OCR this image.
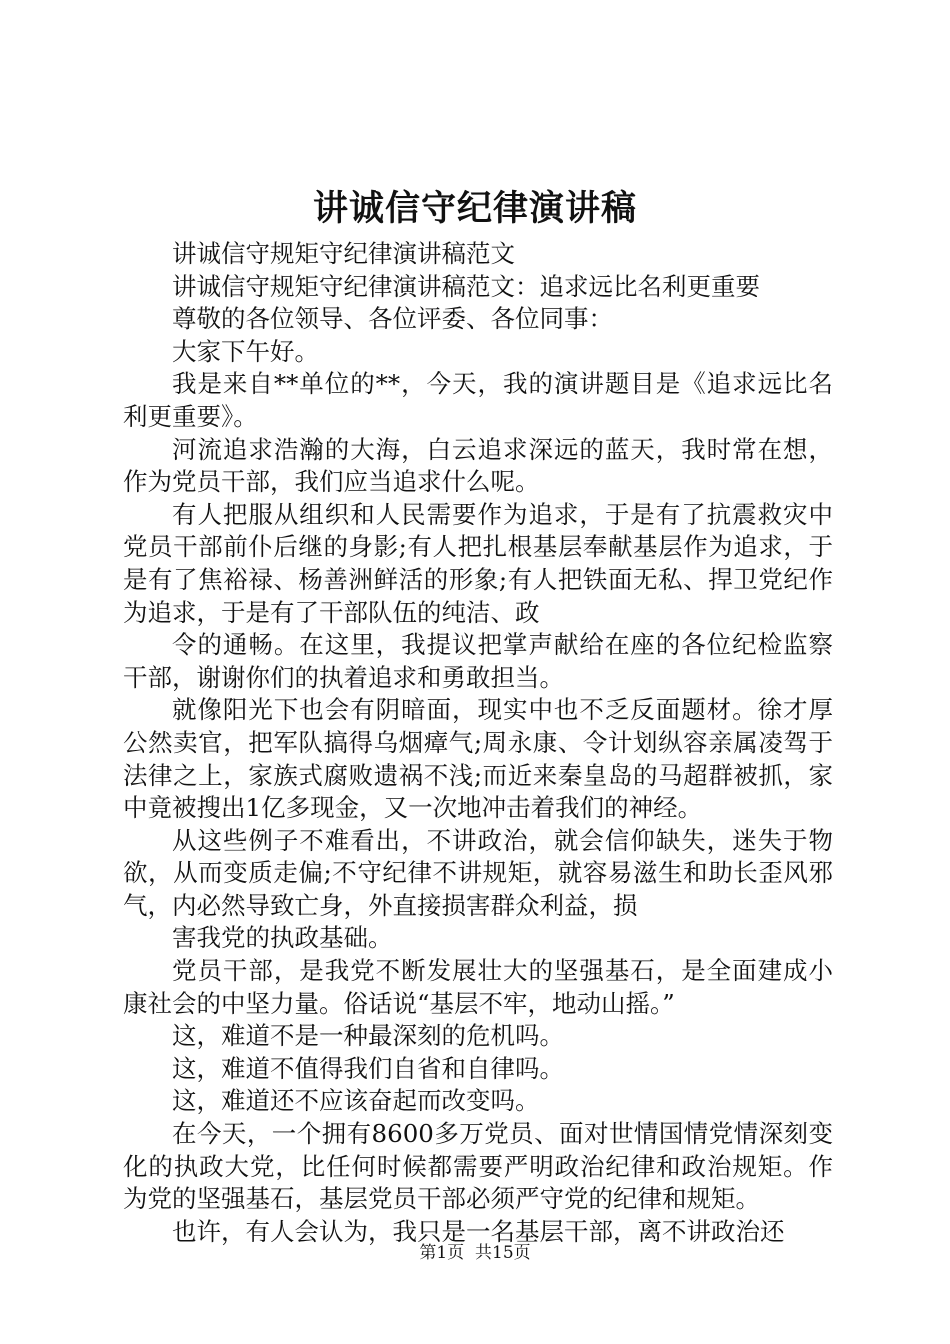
讲诚信守纪律演讲稿

讲诚信守规矩守纪律演讲稿范文

讲诚信守规矩守纪律演讲稿范文：追求远比名利更重要

尊敬的各位领导、各位评委、各位同事：

大家下午好。

我是来自**单位的**，今天，我的演讲题目是《追求远比名利更重要》。

河流追求浩瀚的大海，白云追求深远的蓝天，我时常在想，作为党员干部，我们应当追求什么呢。

有人把服从组织和人民需要作为追求，于是有了抗震救灾中党员干部前仆后继的身影;有人把扎根基层奉献基层作为追求，于是有了焦裕禄、杨善洲鲜活的形象;有人把铁面无私、捍卫党纪作为追求，于是有了干部队伍的纯洁、政

令的通畅。在这里，我提议把掌声献给在座的各位纪检监察干部，谢谢你们的执着追求和勇敢担当。

就像阳光下也会有阴暗面，现实中也不乏反面题材。徐才厚公然卖官，把军队搞得乌烟瘴气;周永康、令计划纵容亲属凌驾于法律之上，家族式腐败遗祸不浅;而近来秦皇岛的马超群被抓，家中竟被搜出1亿多现金，又一次地冲击着我们的神经。

从这些例子不难看出，不讲政治，就会信仰缺失，迷失于物欲，从而变质走偏;不守纪律不讲规矩，就容易滋生和助长歪风邪气，内必然导致亡身，外直接损害群众利益，损

害我党的执政基础。

党员干部，是我党不断发展壮大的坚强基石，是全面建成小康社会的中坚力量。俗话说“基层不牢，地动山摇。”

这，难道不是一种最深刻的危机吗。

这，难道不值得我们自省和自律吗。

这，难道还不应该奋起而改变吗。

在今天，一个拥有8600多万党员、面对世情国情党情深刻变化的执政大党，比任何时候都需要严明政治纪律和政治规矩。作为党的坚强基石，基层党员干部必须严守党的纪律和规矩。

也许，有人会认为，我只是一名基层干部，离不讲政治还

第1页 共15页
